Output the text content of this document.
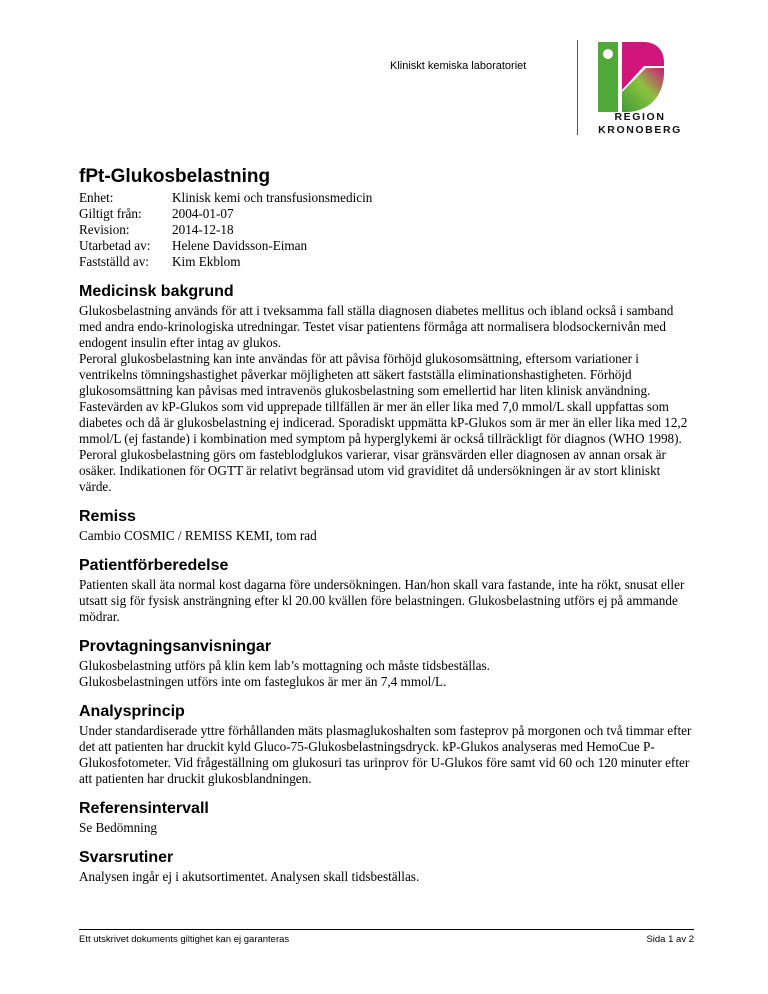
Kliniskt kemiska laboratoriet
REGION
KRONOBERG
fPt-Glukosbelastning
Enhet:	Klinisk kemi och transfusionsmedicin
Giltigt från:	2004-01-07
Revision:	2014-12-18
Utarbetad av:	Helene Davidsson-Eiman
Fastställd av:	Kim Ekblom
Medicinsk bakgrund

Glukosbelastning används för att i tveksamma fall ställa diagnosen diabetes mellitus och ibland också i samband med andra endo-krinologiska utredningar. Testet visar patientens förmåga att normalisera blodsockernivån med endogent insulin efter intag av glukos.

Peroral glukosbelastning kan inte användas för att påvisa förhöjd glukosomsättning, eftersom variationer i ventrikelns tömningshastighet påverkar möjligheten att säkert fastställa eliminationshastigheten. Förhöjd glukosomsättning kan påvisas med intravenös glukosbelastning som emellertid har liten klinisk användning.

Fastevärden av kP-Glukos som vid upprepade tillfällen är mer än eller lika med 7,0 mmol/L skall uppfattas som diabetes och då är glukosbelastning ej indicerad. Sporadiskt uppmätta kP-Glukos som är mer än eller lika med 12,2 mmol/L (ej fastande) i kombination med symptom på hyperglykemi är också tillräckligt för diagnos (WHO 1998).

Peroral glukosbelastning görs om fasteblodglukos varierar, visar gränsvärden eller diagnosen av annan orsak är osäker. Indikationen för OGTT är relativt begränsad utom vid graviditet då undersökningen är av stort kliniskt värde.

Remiss

Cambio COSMIC / REMISS KEMI, tom rad

Patientförberedelse

Patienten skall äta normal kost dagarna före undersökningen. Han/hon skall vara fastande, inte ha rökt, snusat eller utsatt sig för fysisk ansträngning efter kl 20.00 kvällen före belastningen. Glukosbelastning utförs ej på ammande mödrar.

Provtagningsanvisningar

Glukosbelastning utförs på klin kem lab’s mottagning och måste tidsbeställas.

Glukosbelastningen utförs inte om fasteglukos är mer än 7,4 mmol/L.

Analysprincip

Under standardiserade yttre förhållanden mäts plasmaglukoshalten som fasteprov på morgonen och två timmar efter det att patienten har druckit kyld Gluco-75-Glukosbelastningsdryck. kP-Glukos analyseras med HemoCue P-Glukosfotometer. Vid frågeställning om glukosuri tas urinprov för U-Glukos före samt vid 60 och 120 minuter efter att patienten har druckit glukosblandningen.

Referensintervall

Se Bedömning

Svarsrutiner

Analysen ingår ej i akutsortimentet. Analysen skall tidsbeställas.

Ett utskrivet dokuments giltighet kan ej garanteras	Sida 1 av 2
